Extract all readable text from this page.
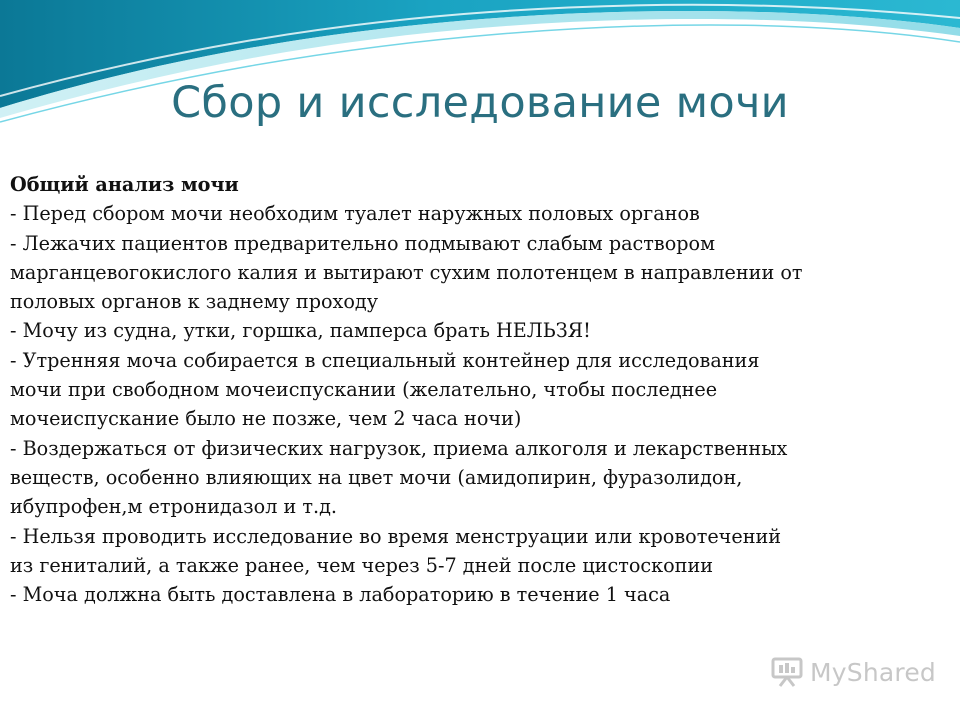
Сбор и исследование мочи

Общий анализ мочи

- Перед сбором мочи необходим туалет наружных половых органов

- Лежачих пациентов предварительно подмывают слабым раствором

марганцевогокислого калия и вытирают сухим полотенцем в направлении от

половых органов к заднему проходу

- Мочу из судна, утки, горшка, памперса брать НЕЛЬЗЯ!

- Утренняя моча собирается в специальный контейнер для исследования

мочи при свободном мочеиспускании (желательно, чтобы последнее

мочеиспускание было не позже, чем 2 часа ночи)

- Воздержаться от физических нагрузок, приема алкоголя и лекарственных

веществ, особенно влияющих на цвет мочи (амидопирин, фуразолидон,

ибупрофен,м етронидазол и т.д.

- Нельзя проводить исследование во время менструации или кровотечений

из гениталий, а также ранее, чем через 5-7 дней после цистоскопии

- Моча должна быть доставлена в лабораторию в течение 1 часа

MyShared
